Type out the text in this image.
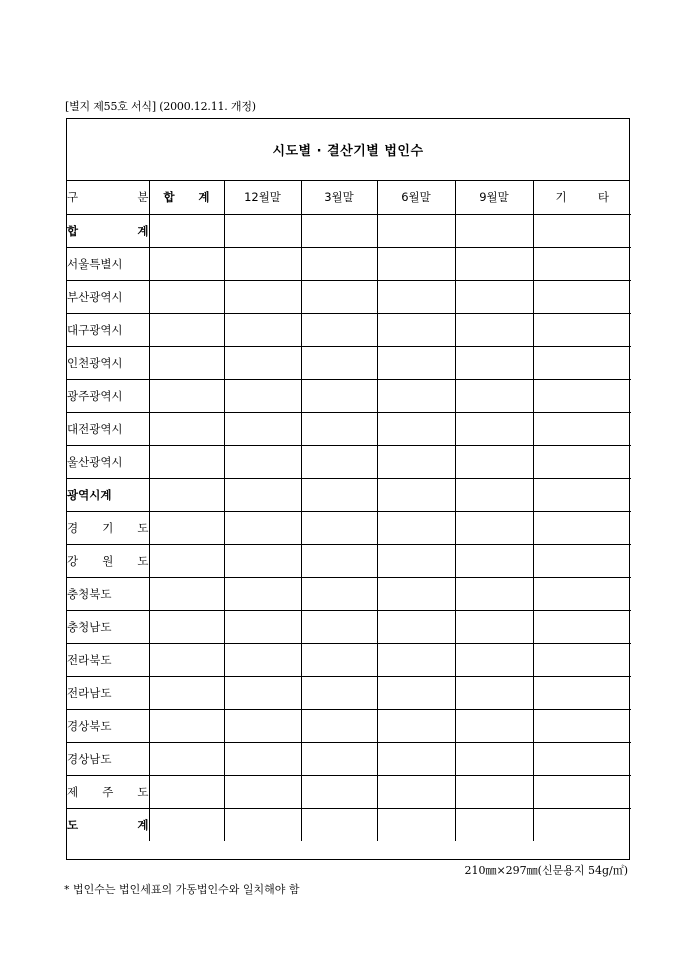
[별지 제55호 서식] (2000.12.11. 개정)
시도별 · 결산기별 법인수
구 분	합 계	12월말	3월말	6월말	9월말	기 타
합 계						
서울특별시						
부산광역시						
대구광역시						
인천광역시						
광주광역시						
대전광역시						
울산광역시						
광역시계						
경 기 도						
강 원 도						
충청북도						
충청남도						
전라북도						
전라남도						
경상북도						
경상남도						
제 주 도						
도 계						
210㎜×297㎜(신문용지 54g/㎡)
* 법인수는 법인세표의 가동법인수와 일치해야 함
